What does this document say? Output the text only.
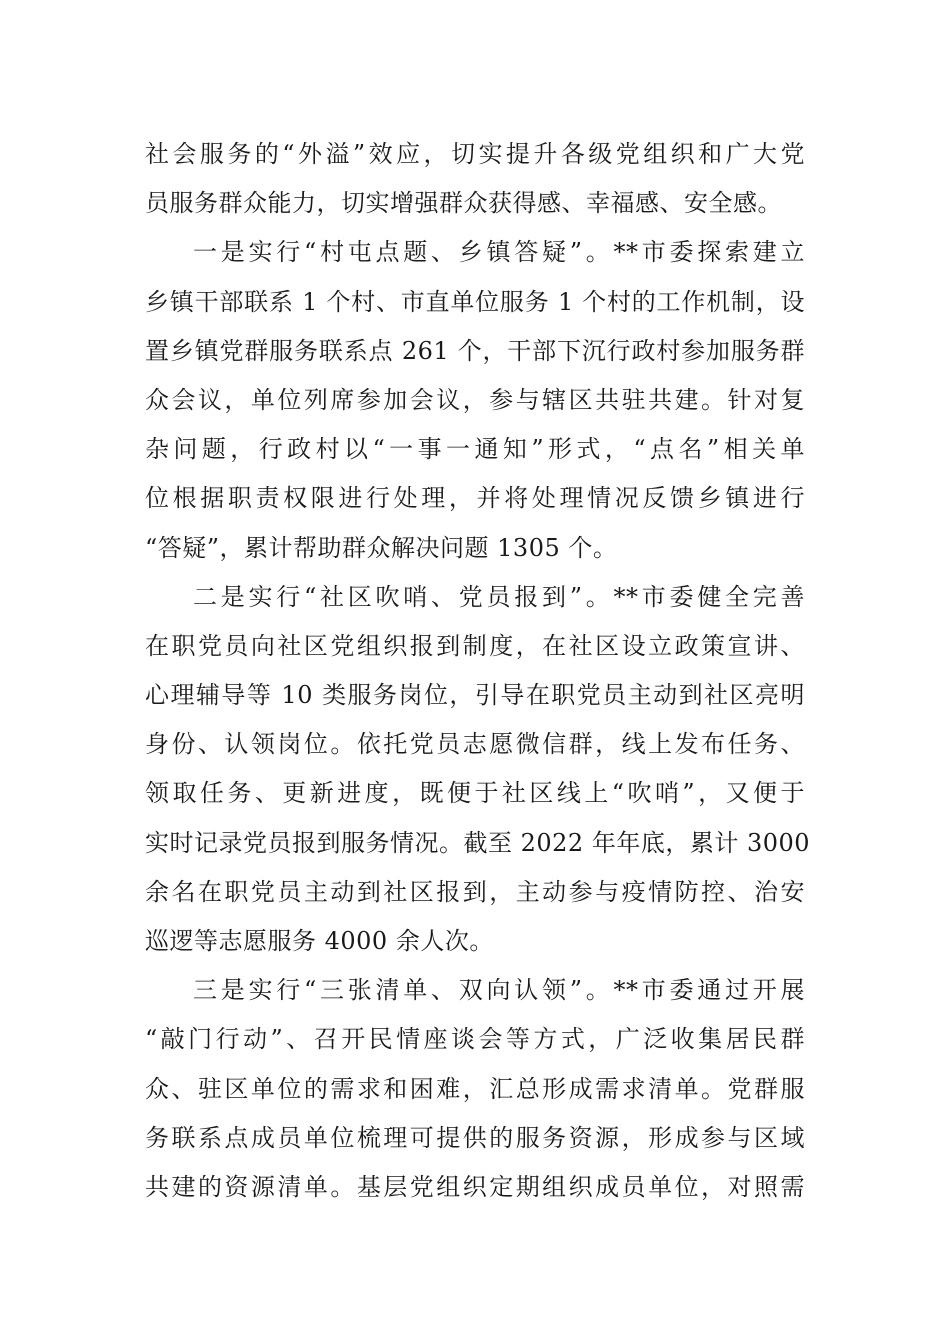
社会服务的“外溢”效应，切实提升各级党组织和广大党
员服务群众能力，切实增强群众获得感、幸福感、安全感。
一是实行“村屯点题、乡镇答疑”。**市委探索建立
乡镇干部联系 1 个村、市直单位服务 1 个村的工作机制，设
置乡镇党群服务联系点 261 个，干部下沉行政村参加服务群
众会议，单位列席参加会议，参与辖区共驻共建。针对复
杂问题，行政村以“一事一通知”形式，“点名”相关单
位根据职责权限进行处理，并将处理情况反馈乡镇进行
“答疑”，累计帮助群众解决问题 1305 个。
二是实行“社区吹哨、党员报到”。**市委健全完善
在职党员向社区党组织报到制度，在社区设立政策宣讲、
心理辅导等 10 类服务岗位，引导在职党员主动到社区亮明
身份、认领岗位。依托党员志愿微信群，线上发布任务、
领取任务、更新进度，既便于社区线上“吹哨”，又便于
实时记录党员报到服务情况。截至 2022 年年底，累计 3000
余名在职党员主动到社区报到，主动参与疫情防控、治安
巡逻等志愿服务 4000 余人次。
三是实行“三张清单、双向认领”。**市委通过开展
“敲门行动”、召开民情座谈会等方式，广泛收集居民群
众、驻区单位的需求和困难，汇总形成需求清单。党群服
务联系点成员单位梳理可提供的服务资源，形成参与区域
共建的资源清单。基层党组织定期组织成员单位，对照需
